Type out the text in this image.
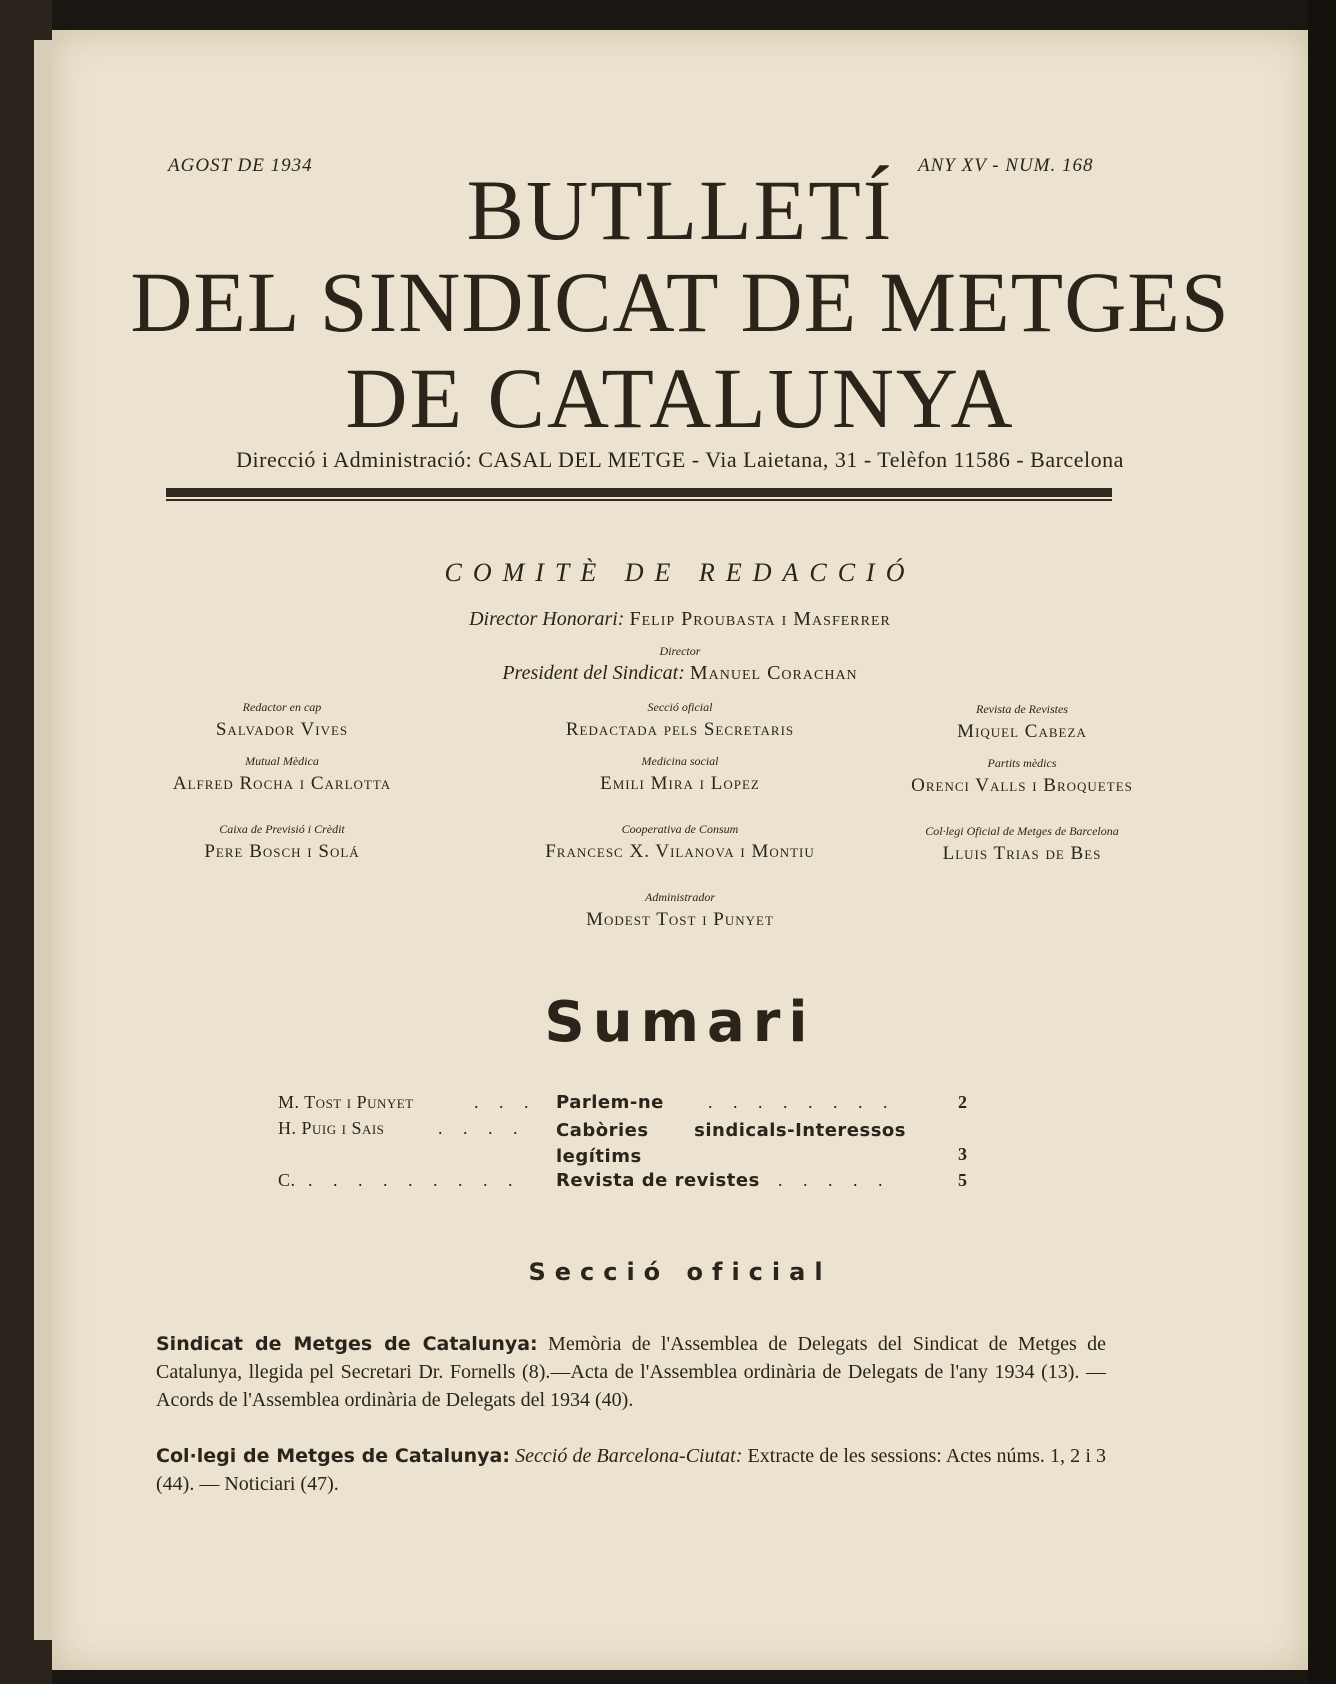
AGOST DE 1934	ANY XV - NUM. 168
BUTLLETÍ
DEL SINDICAT DE METGES
DE CATALUNYA
Direcció i Administració: CASAL DEL METGE - Via Laietana, 31 - Telèfon 11586 - Barcelona
COMITÈ DE REDACCIÓ
Director Honorari: Felip Proubasta i Masferrer
Director
President del Sindicat: Manuel Corachan
Redactor en cap
Salvador Vives
Secció oficial
Redactada pels Secretaris
Revista de Revistes
Miquel Cabeza
Mutual Mèdica
Alfred Rocha i Carlotta
Medicina social
Emili Mira i Lopez
Partits mèdics
Orenci Valls i Broquetes
Caixa de Previsió i Crèdit
Pere Bosch i Solá
Cooperativa de Consum
Francesc X. Vilanova i Montiu
Col·legi Oficial de Metges de Barcelona
Lluis Trias de Bes
Administrador
Modest Tost i Punyet
Sumari
M. Tost i Punyet	. . . Parlem-ne . . . . . . . .	2
H. Puig i Sais	. . . . Cabòries sindicals-Interessos legítims	3
C. . . . . . . . . . Revista de revistes . . . . .	5
Secció oficial
Sindicat de Metges de Catalunya: Memòria de l'Assemblea de Delegats del Sindicat de Metges de Catalunya, llegida pel Secretari Dr. Fornells (8).—Acta de l'Assemblea ordinària de Delegats de l'any 1934 (13). — Acords de l'Assemblea ordinària de Delegats del 1934 (40).
Col·legi de Metges de Catalunya: Secció de Barcelona-Ciutat: Extracte de les sessions: Actes núms. 1, 2 i 3 (44). — Noticiari (47).
